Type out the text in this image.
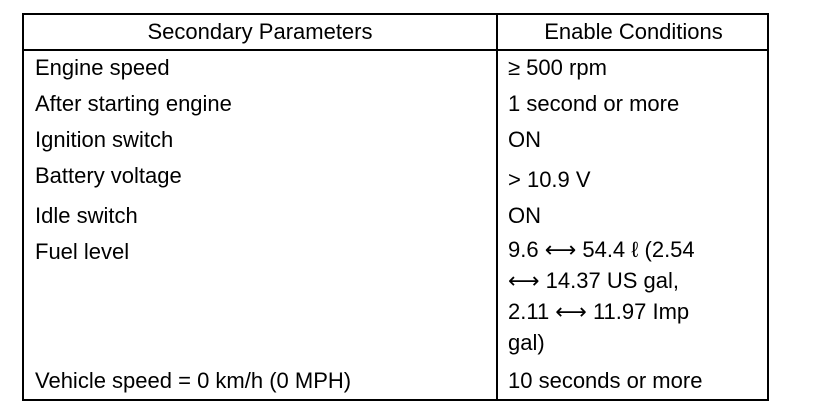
Secondary Parameters	Enable Conditions
Engine speed	≥ 500 rpm
After starting engine	1 second or more
Ignition switch	ON
Battery voltage	> 10.9 V
Idle switch	ON
Fuel level	9.6 ⟷ 54.4 ℓ (2.54
⟷ 14.37 US gal,
2.11 ⟷ 11.97 Imp
gal)
Vehicle speed = 0 km/h (0 MPH)	10 seconds or more
